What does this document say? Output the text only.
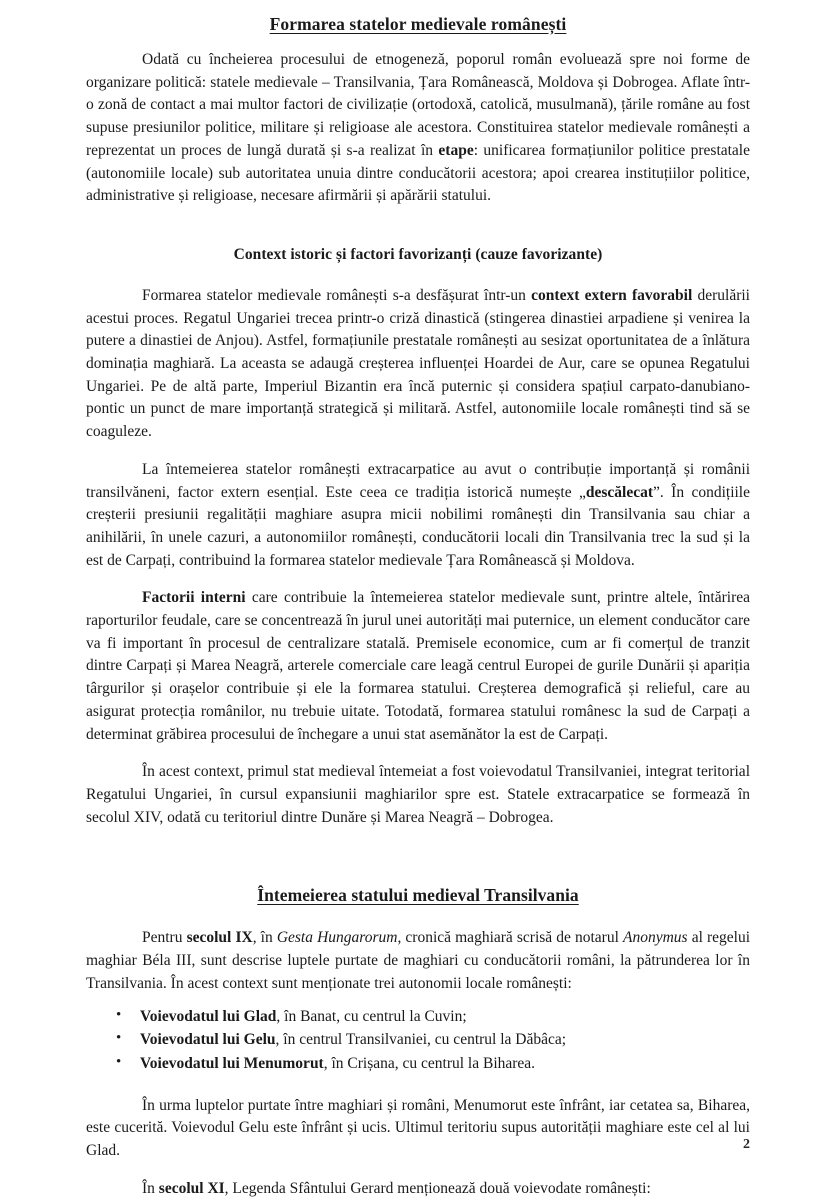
Formarea statelor medievale românești

Odată cu încheierea procesului de etnogeneză, poporul român evoluează spre noi forme de organizare politică: statele medievale – Transilvania, Țara Românească, Moldova și Dobrogea. Aflate într-o zonă de contact a mai multor factori de civilizație (ortodoxă, catolică, musulmană), țările române au fost supuse presiunilor politice, militare și religioase ale acestora. Constituirea statelor medievale românești a reprezentat un proces de lungă durată și s-a realizat în etape: unificarea formațiunilor politice prestatale (autonomiile locale) sub autoritatea unuia dintre conducătorii acestora; apoi crearea instituțiilor politice, administrative și religioase, necesare afirmării și apărării statului.

Context istoric și factori favorizanți (cauze favorizante)

Formarea statelor medievale românești s-a desfășurat într-un context extern favorabil derulării acestui proces. Regatul Ungariei trecea printr-o criză dinastică (stingerea dinastiei arpadiene și venirea la putere a dinastiei de Anjou). Astfel, formațiunile prestatale românești au sesizat oportunitatea de a înlătura dominația maghiară. La aceasta se adaugă creșterea influenței Hoardei de Aur, care se opunea Regatului Ungariei. Pe de altă parte, Imperiul Bizantin era încă puternic și considera spațiul carpato-danubiano-pontic un punct de mare importanță strategică și militară. Astfel, autonomiile locale românești tind să se coaguleze.

La întemeierea statelor românești extracarpatice au avut o contribuție importanță și românii transilvăneni, factor extern esențial. Este ceea ce tradiția istorică numește „descălecat”. În condițiile creșterii presiunii regalității maghiare asupra micii nobilimi românești din Transilvania sau chiar a anihilării, în unele cazuri, a autonomiilor românești, conducătorii locali din Transilvania trec la sud și la est de Carpați, contribuind la formarea statelor medievale Țara Românească și Moldova.

Factorii interni care contribuie la întemeierea statelor medievale sunt, printre altele, întărirea raporturilor feudale, care se concentrează în jurul unei autorități mai puternice, un element conducător care va fi important în procesul de centralizare statală. Premisele economice, cum ar fi comerțul de tranzit dintre Carpați și Marea Neagră, arterele comerciale care leagă centrul Europei de gurile Dunării și apariția târgurilor și orașelor contribuie și ele la formarea statului. Creșterea demografică și relieful, care au asigurat protecția românilor, nu trebuie uitate. Totodată, formarea statului românesc la sud de Carpați a determinat grăbirea procesului de închegare a unui stat asemănător la est de Carpați.

În acest context, primul stat medieval întemeiat a fost voievodatul Transilvaniei, integrat teritorial Regatului Ungariei, în cursul expansiunii maghiarilor spre est. Statele extracarpatice se formează în secolul XIV, odată cu teritoriul dintre Dunăre și Marea Neagră – Dobrogea.

Întemeierea statului medieval Transilvania

Pentru secolul IX, în Gesta Hungarorum, cronică maghiară scrisă de notarul Anonymus al regelui maghiar Béla III, sunt descrise luptele purtate de maghiari cu conducătorii români, la pătrunderea lor în Transilvania. În acest context sunt menționate trei autonomii locale românești:

• Voievodatul lui Glad, în Banat, cu centrul la Cuvin;
• Voievodatul lui Gelu, în centrul Transilvaniei, cu centrul la Dăbâca;
• Voievodatul lui Menumorut, în Crișana, cu centrul la Biharea.

În urma luptelor purtate între maghiari și români, Menumorut este înfrânt, iar cetatea sa, Biharea, este cucerită. Voievodul Gelu este înfrânt și ucis. Ultimul teritoriu supus autorității maghiare este cel al lui Glad.

În secolul XI, Legenda Sfântului Gerard menționează două voievodate românești:

2
